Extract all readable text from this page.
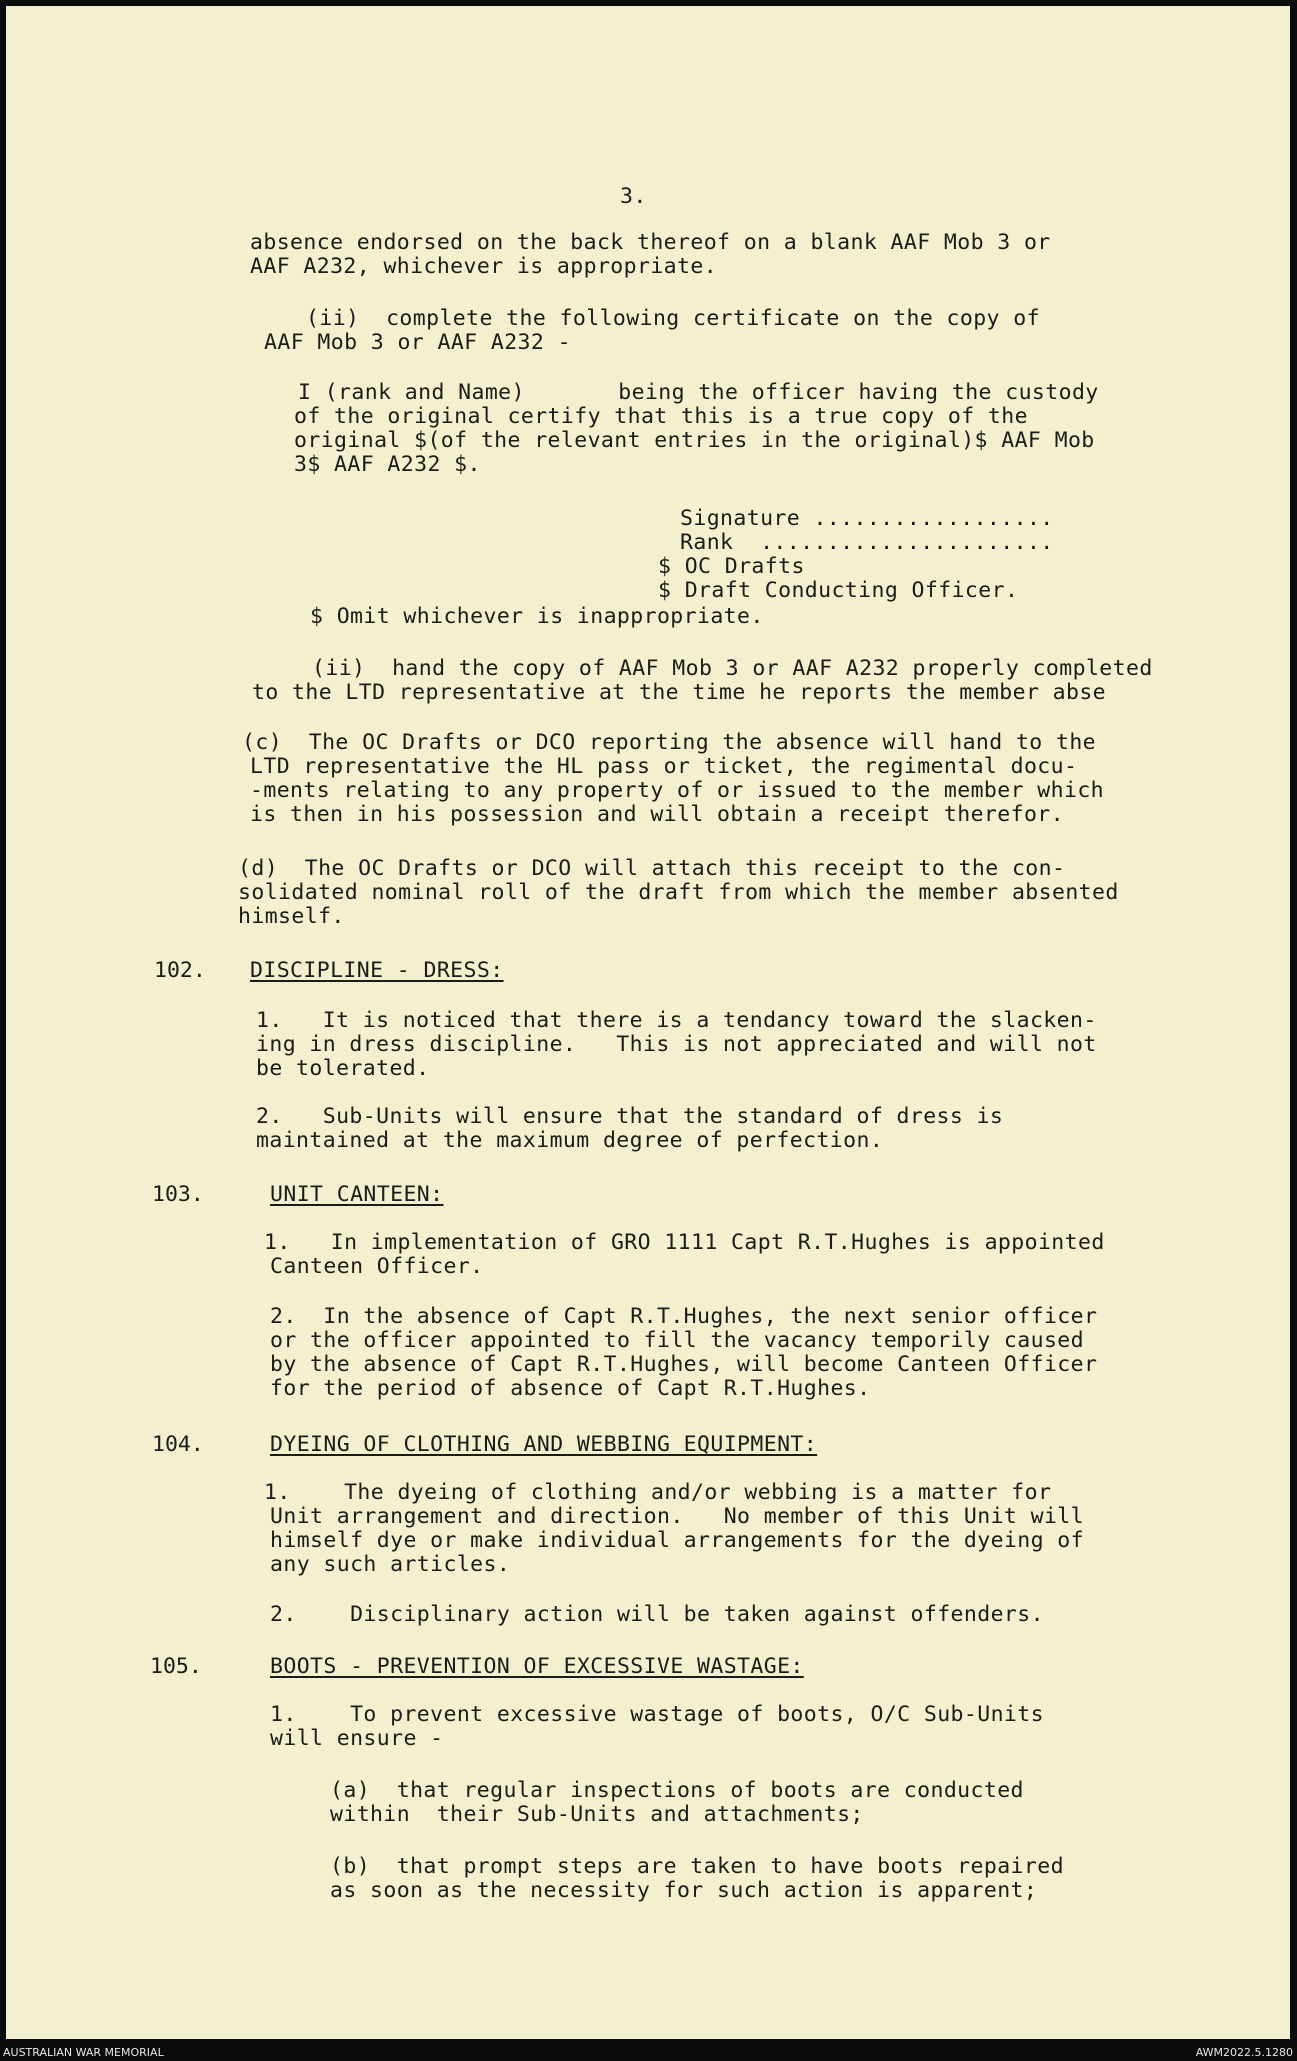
3.
absence endorsed on the back thereof on a blank AAF Mob 3 or
AAF A232, whichever is appropriate.
(ii)  complete the following certificate on the copy of
AAF Mob 3 or AAF A232 -
I (rank and Name)       being the officer having the custody
of the original certify that this is a true copy of the
original $(of the relevant entries in the original)$ AAF Mob
3$ AAF A232 $.
Signature ..................
Rank  ......................
$ OC Drafts
$ Draft Conducting Officer.
$ Omit whichever is inappropriate.
(ii)  hand the copy of AAF Mob 3 or AAF A232 properly completed
to the LTD representative at the time he reports the member abse
(c)  The OC Drafts or DCO reporting the absence will hand to the
LTD representative the HL pass or ticket, the regimental docu-
-ments relating to any property of or issued to the member which
is then in his possession and will obtain a receipt therefor.
(d)  The OC Drafts or DCO will attach this receipt to the con-
solidated nominal roll of the draft from which the member absented
himself.
102. DISCIPLINE - DRESS:
1.   It is noticed that there is a tendancy toward the slacken-
ing in dress discipline.   This is not appreciated and will not
be tolerated.
2.   Sub-Units will ensure that the standard of dress is
maintained at the maximum degree of perfection.
103.	UNIT CANTEEN:
1.   In implementation of GRO 1111 Capt R.T.Hughes is appointed
Canteen Officer.
2.  In the absence of Capt R.T.Hughes, the next senior officer
or the officer appointed to fill the vacancy temporily caused
by the absence of Capt R.T.Hughes, will become Canteen Officer
for the period of absence of Capt R.T.Hughes.
104.	DYEING OF CLOTHING AND WEBBING EQUIPMENT:
1.    The dyeing of clothing and/or webbing is a matter for
Unit arrangement and direction.   No member of this Unit will
himself dye or make individual arrangements for the dyeing of
any such articles.
2.    Disciplinary action will be taken against offenders.
105.	BOOTS - PREVENTION OF EXCESSIVE WASTAGE:
1.    To prevent excessive wastage of boots, O/C Sub-Units
will ensure -
(a)  that regular inspections of boots are conducted
within  their Sub-Units and attachments;
(b)  that prompt steps are taken to have boots repaired
as soon as the necessity for such action is apparent;
AUSTRALIAN WAR MEMORIAL	AWM2022.5.1280
